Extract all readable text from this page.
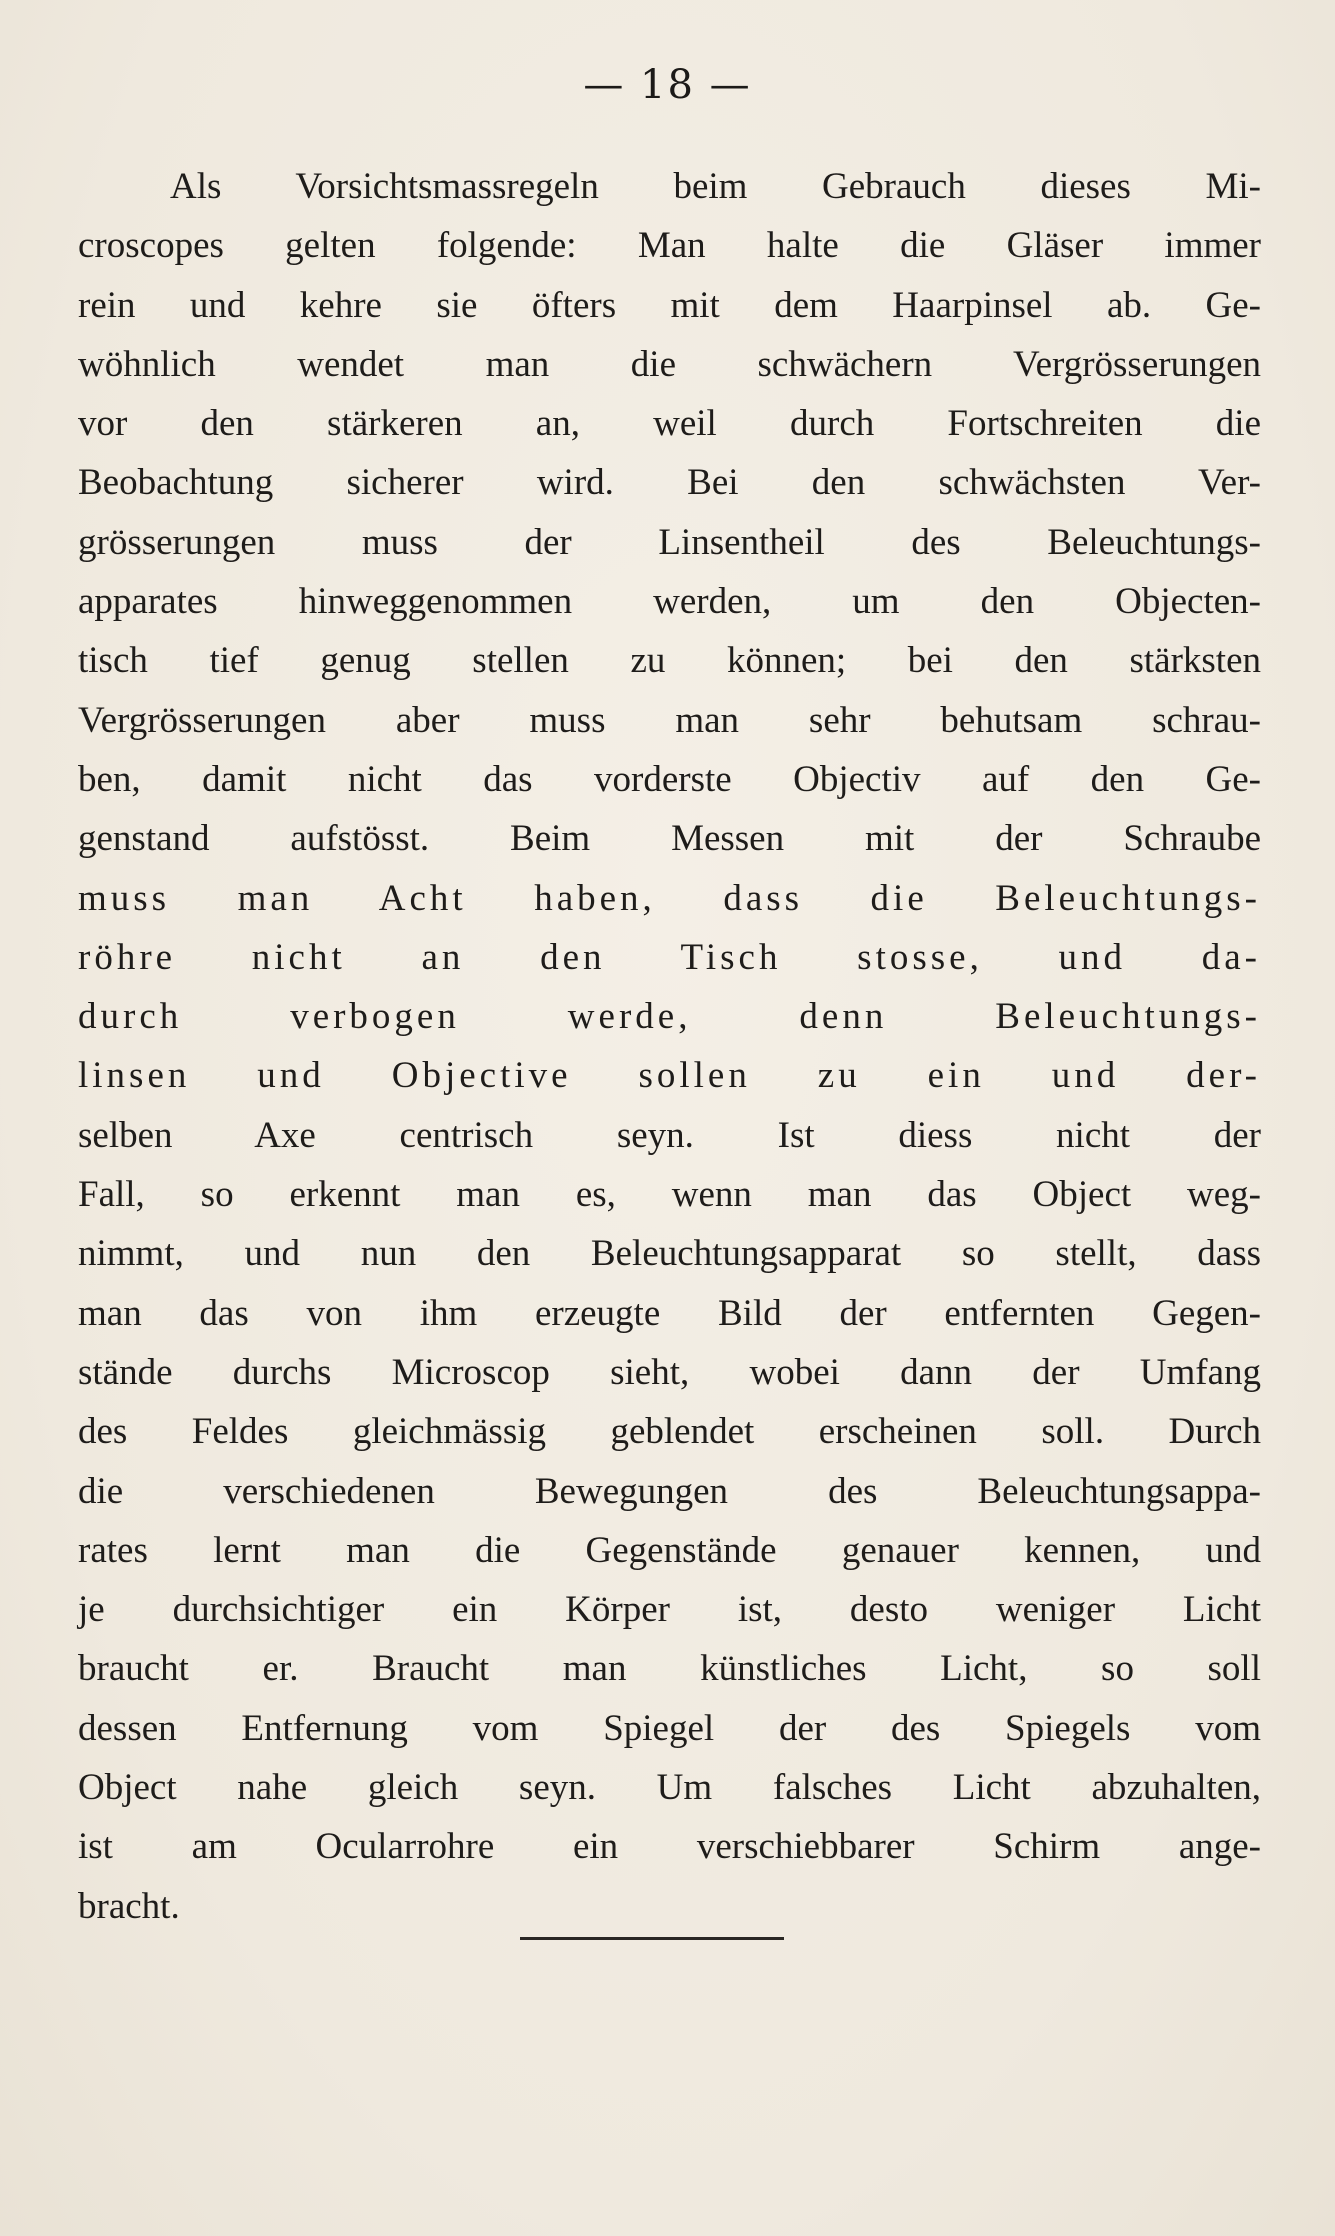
— 18 —
Als Vorsichtsmassregeln beim Gebrauch dieses Mi-
croscopes gelten folgende: Man halte die Gläser immer
rein und kehre sie öfters mit dem Haarpinsel ab. Ge-
wöhnlich wendet man die schwächern Vergrösserungen
vor den stärkeren an, weil durch Fortschreiten die
Beobachtung sicherer wird. Bei den schwächsten Ver-
grösserungen muss der Linsentheil des Beleuchtungs-
apparates hinweggenommen werden, um den Objecten-
tisch tief genug stellen zu können; bei den stärksten
Vergrösserungen aber muss man sehr behutsam schrau-
ben, damit nicht das vorderste Objectiv auf den Ge-
genstand aufstösst. Beim Messen mit der Schraube
muss man Acht haben, dass die Beleuchtungs-
röhre nicht an den Tisch stosse, und da-
durch verbogen werde, denn Beleuchtungs-
linsen und Objective sollen zu ein und der-
selben Axe centrisch seyn. Ist diess nicht der
Fall, so erkennt man es, wenn man das Object weg-
nimmt, und nun den Beleuchtungsapparat so stellt, dass
man das von ihm erzeugte Bild der entfernten Gegen-
stände durchs Microscop sieht, wobei dann der Umfang
des Feldes gleichmässig geblendet erscheinen soll. Durch
die verschiedenen Bewegungen des Beleuchtungsappa-
rates lernt man die Gegenstände genauer kennen, und
je durchsichtiger ein Körper ist, desto weniger Licht
braucht er. Braucht man künstliches Licht, so soll
dessen Entfernung vom Spiegel der des Spiegels vom
Object nahe gleich seyn. Um falsches Licht abzuhalten,
ist am Ocularrohre ein verschiebbarer Schirm ange-
bracht.
